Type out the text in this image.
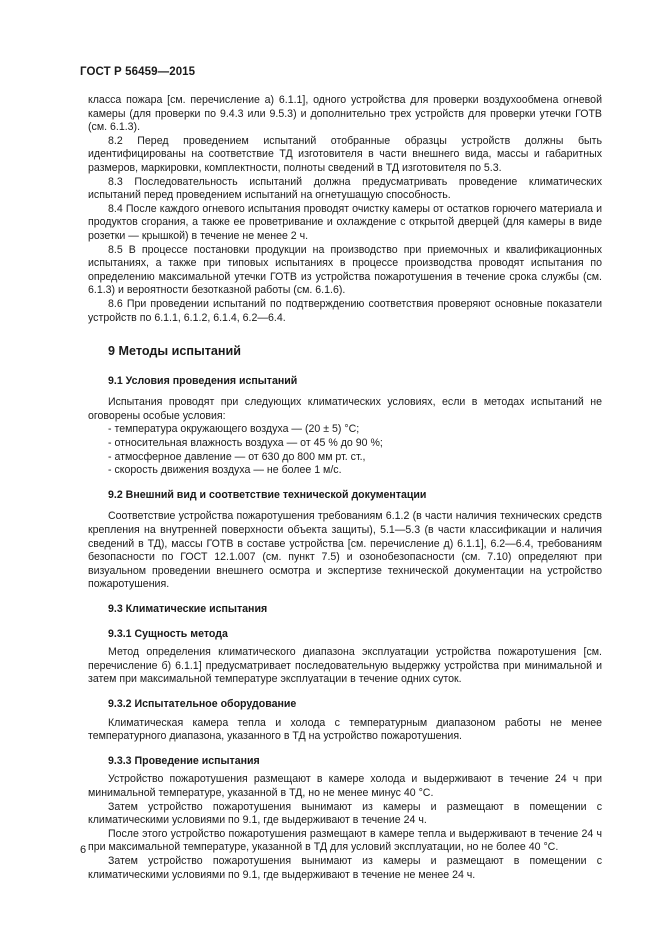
ГОСТ Р 56459—2015
класса пожара [см. перечисление а) 6.1.1], одного устройства для проверки воздухообмена огневой камеры (для проверки по 9.4.3 или 9.5.3) и дополнительно трех устройств для проверки утечки ГОТВ (см. 6.1.3).
8.2 Перед проведением испытаний отобранные образцы устройств должны быть идентифицированы на соответствие ТД изготовителя в части внешнего вида, массы и габаритных размеров, маркировки, комплектности, полноты сведений в ТД изготовителя по 5.3.
8.3 Последовательность испытаний должна предусматривать проведение климатических испытаний перед проведением испытаний на огнетушащую способность.
8.4 После каждого огневого испытания проводят очистку камеры от остатков горючего материала и продуктов сгорания, а также ее проветривание и охлаждение с открытой дверцей (для камеры в виде розетки — крышкой) в течение не менее 2 ч.
8.5 В процессе постановки продукции на производство при приемочных и квалификационных испытаниях, а также при типовых испытаниях в процессе производства проводят испытания по определению максимальной утечки ГОТВ из устройства пожаротушения в течение срока службы (см. 6.1.3) и вероятности безотказной работы (см. 6.1.6).
8.6 При проведении испытаний по подтверждению соответствия проверяют основные показатели устройств по 6.1.1, 6.1.2, 6.1.4, 6.2—6.4.
9 Методы испытаний
9.1 Условия проведения испытаний
Испытания проводят при следующих климатических условиях, если в методах испытаний не оговорены особые условия:
- температура окружающего воздуха — (20 ± 5) °С;
- относительная влажность воздуха — от 45 % до 90 %;
- атмосферное давление — от 630 до 800 мм рт. ст.,
- скорость движения воздуха — не более 1 м/с.
9.2 Внешний вид и соответствие технической документации
Соответствие устройства пожаротушения требованиям 6.1.2 (в части наличия технических средств крепления на внутренней поверхности объекта защиты), 5.1—5.3 (в части классификации и наличия сведений в ТД), массы ГОТВ в составе устройства [см. перечисление д) 6.1.1], 6.2—6.4, требованиям безопасности по ГОСТ 12.1.007 (см. пункт 7.5) и озонобезопасности (см. 7.10) определяют при визуальном проведении внешнего осмотра и экспертизе технической документации на устройство пожаротушения.
9.3 Климатические испытания
9.3.1 Сущность метода
Метод определения климатического диапазона эксплуатации устройства пожаротушения [см. перечисление б) 6.1.1] предусматривает последовательную выдержку устройства при минимальной и затем при максимальной температуре эксплуатации в течение одних суток.
9.3.2 Испытательное оборудование
Климатическая камера тепла и холода с температурным диапазоном работы не менее температурного диапазона, указанного в ТД на устройство пожаротушения.
9.3.3 Проведение испытания
Устройство пожаротушения размещают в камере холода и выдерживают в течение 24 ч при минимальной температуре, указанной в ТД, но не менее минус 40 °С.
Затем устройство пожаротушения вынимают из камеры и размещают в помещении с климатическими условиями по 9.1, где выдерживают в течение 24 ч.
После этого устройство пожаротушения размещают в камере тепла и выдерживают в течение 24 ч при максимальной температуре, указанной в ТД для условий эксплуатации, но не более 40 °С.
Затем устройство пожаротушения вынимают из камеры и размещают в помещении с климатическими условиями по 9.1, где выдерживают в течение не менее 24 ч.
6
